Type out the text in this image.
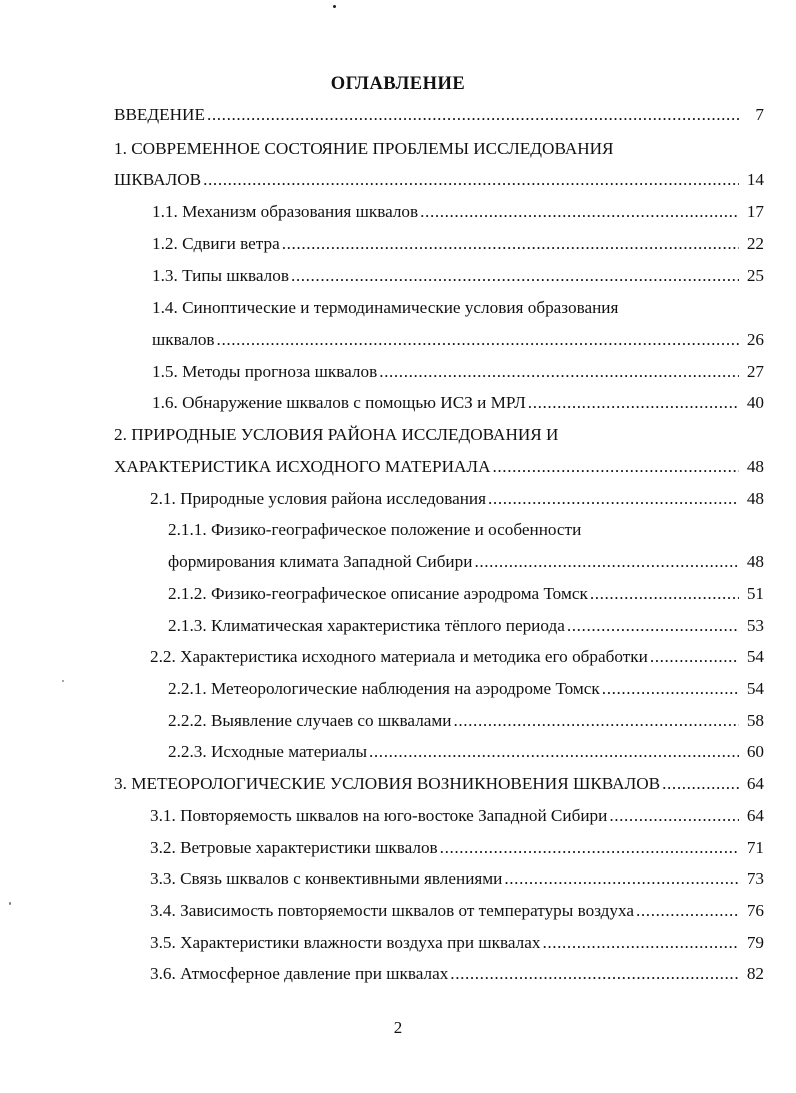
ОГЛАВЛЕНИЕ
ВВЕДЕНИЕ .....	7
1. СОВРЕМЕННОЕ СОСТОЯНИЕ ПРОБЛЕМЫ ИССЛЕДОВАНИЯ
ШКВАЛОВ .....	14
1.1. Механизм образования шквалов .....	17
1.2. Сдвиги ветра .....	22
1.3. Типы шквалов .....	25
1.4. Синоптические и термодинамические условия образования
шквалов .....	26
1.5. Методы прогноза шквалов .....	27
1.6. Обнаружение шквалов с помощью ИСЗ и МРЛ .....	40
2. ПРИРОДНЫЕ УСЛОВИЯ РАЙОНА ИССЛЕДОВАНИЯ И
ХАРАКТЕРИСТИКА ИСХОДНОГО МАТЕРИАЛА .....	48
2.1. Природные условия района исследования .....	48
2.1.1. Физико-географическое положение и особенности
формирования климата Западной Сибири .....	48
2.1.2. Физико-географическое описание аэродрома Томск .....	51
2.1.3. Климатическая характеристика тёплого периода .....	53
2.2. Характеристика исходного материала и методика его обработки .....	54
2.2.1. Метеорологические наблюдения на аэродроме Томск .....	54
2.2.2. Выявление случаев со шквалами .....	58
2.2.3. Исходные материалы .....	60
3. МЕТЕОРОЛОГИЧЕСКИЕ УСЛОВИЯ ВОЗНИКНОВЕНИЯ ШКВАЛОВ .....	64
3.1. Повторяемость шквалов на юго-востоке Западной Сибири .....	64
3.2. Ветровые характеристики шквалов .....	71
3.3. Связь шквалов с конвективными явлениями .....	73
3.4. Зависимость повторяемости шквалов от температуры воздуха .....	76
3.5. Характеристики влажности воздуха при шквалах .....	79
3.6. Атмосферное давление при шквалах .....	82
2
